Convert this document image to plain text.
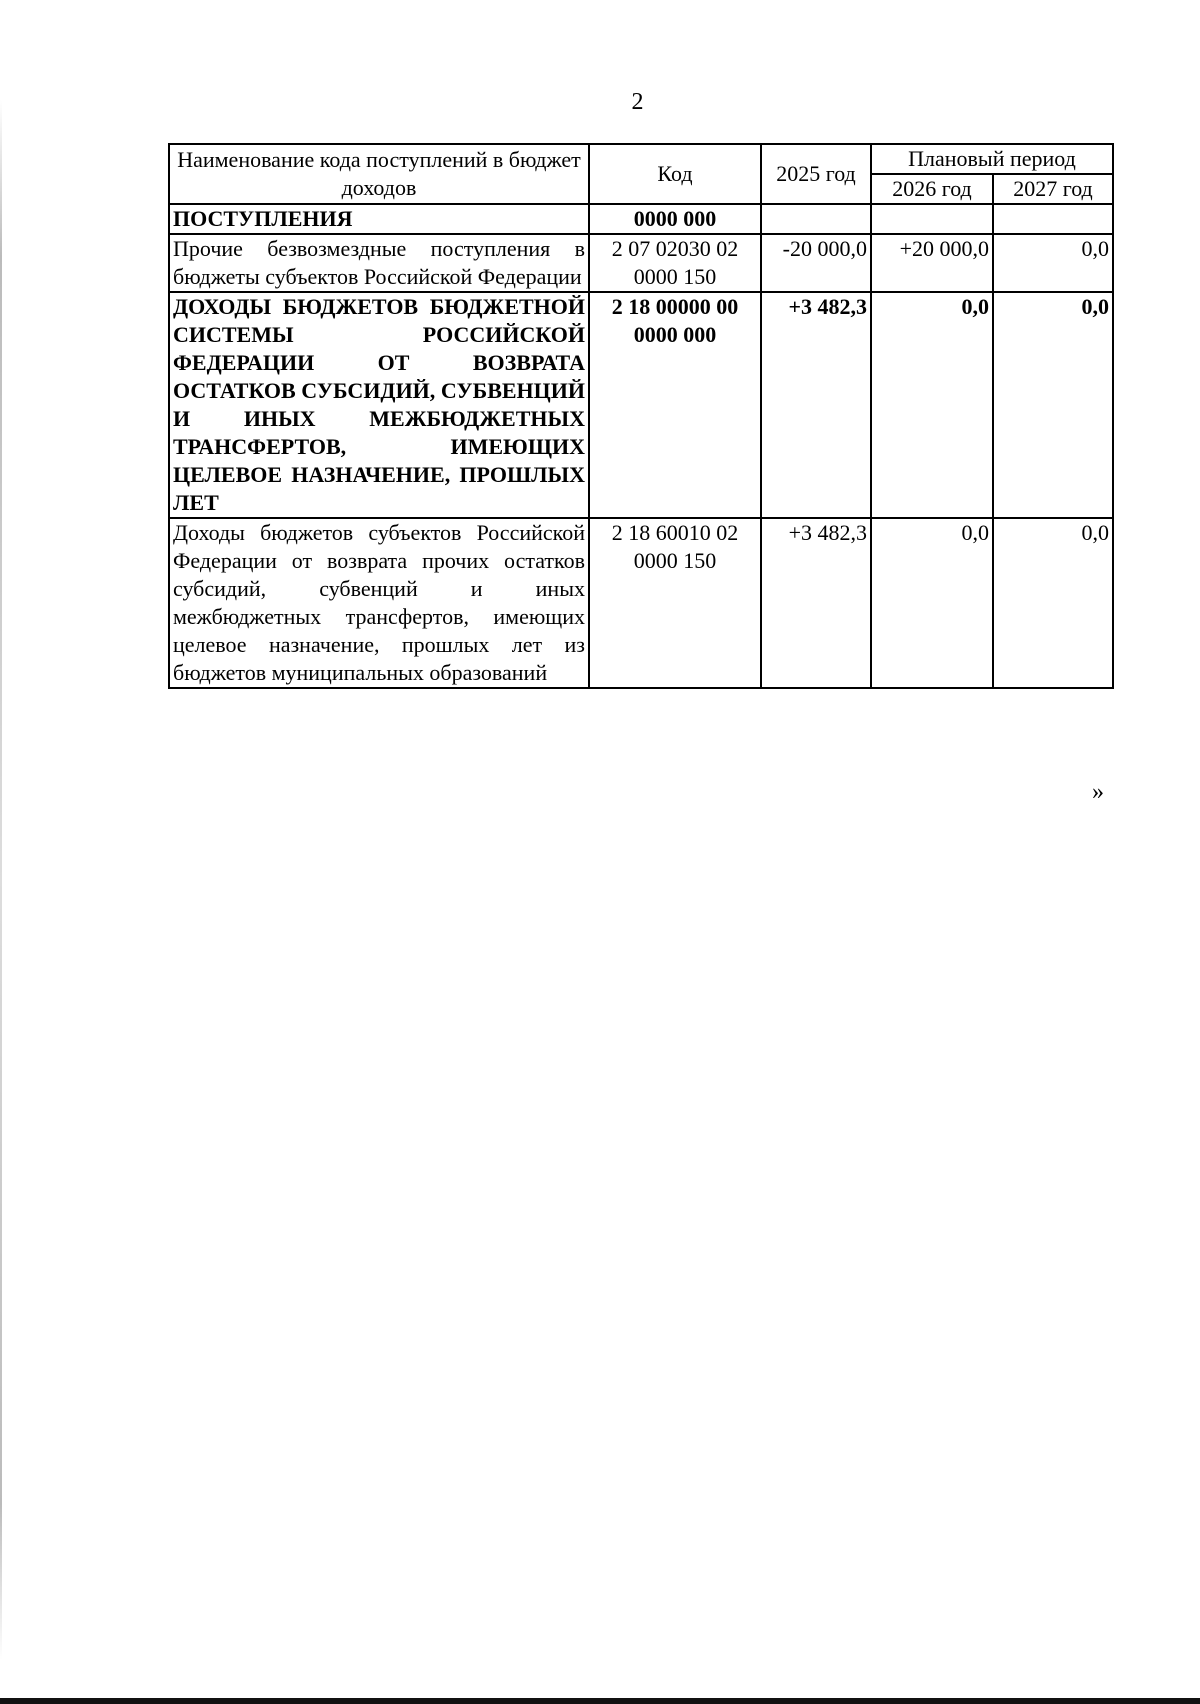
2
Наименование кода поступлений в бюджет доходов	Код	2025 год	Плановый период	
			2026 год	2027 год
ПОСТУПЛЕНИЯ	0000 000			
Прочие безвозмездные поступления в бюджеты субъектов Российской Федерации	2 07 02030 02 0000 150	-20 000,0	+20 000,0	0,0
ДОХОДЫ БЮДЖЕТОВ БЮДЖЕТНОЙ СИСТЕМЫ РОССИЙСКОЙ ФЕДЕРАЦИИ ОТ ВОЗВРАТА ОСТАТКОВ СУБСИДИЙ, СУБВЕНЦИЙ И ИНЫХ МЕЖБЮДЖЕТНЫХ ТРАНСФЕРТОВ, ИМЕЮЩИХ ЦЕЛЕВОЕ НАЗНАЧЕНИЕ, ПРОШЛЫХ ЛЕТ	2 18 00000 00 0000 000	+3 482,3	0,0	0,0
Доходы бюджетов субъектов Российской Федерации от возврата прочих остатков субсидий, субвенций и иных межбюджетных трансфертов, имеющих целевое назначение, прошлых лет из бюджетов муниципальных образований	2 18 60010 02 0000 150	+3 482,3	0,0	0,0
»
